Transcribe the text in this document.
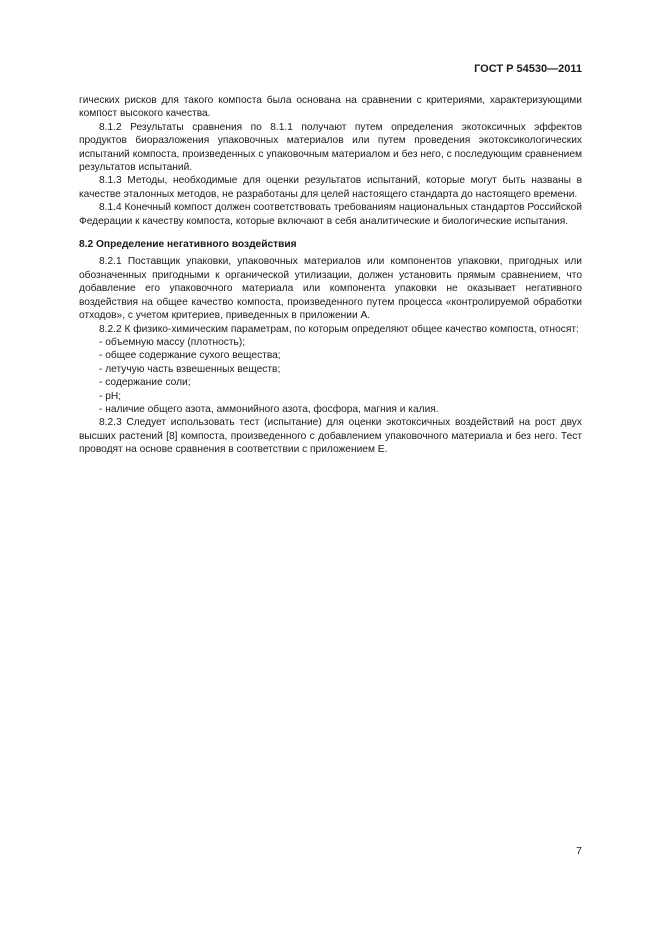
ГОСТ Р 54530—2011

гических рисков для такого компоста была основана на сравнении с критериями, характеризующими компост высокого качества.

8.1.2 Результаты сравнения по 8.1.1 получают путем определения экотоксичных эффектов продуктов биоразложения упаковочных материалов или путем проведения экотоксикологических испытаний компоста, произведенных с упаковочным материалом и без него, с последующим сравнением результатов испытаний.

8.1.3 Методы, необходимые для оценки результатов испытаний, которые могут быть названы в качестве эталонных методов, не разработаны для целей настоящего стандарта до настоящего времени.

8.1.4 Конечный компост должен соответствовать требованиям национальных стандартов Российской Федерации к качеству компоста, которые включают в себя аналитические и биологические испытания.

8.2 Определение негативного воздействия

8.2.1 Поставщик упаковки, упаковочных материалов или компонентов упаковки, пригодных или обозначенных пригодными к органической утилизации, должен установить прямым сравнением, что добавление его упаковочного материала или компонента упаковки не оказывает негативного воздействия на общее качество компоста, произведенного путем процесса «контролируемой обработки отходов», с учетом критериев, приведенных в приложении А.

8.2.2 К физико-химическим параметрам, по которым определяют общее качество компоста, относят:

- объемную массу (плотность);

- общее содержание сухого вещества;

- летучую часть взвешенных веществ;

- содержание соли;

- pH;

- наличие общего азота, аммонийного азота, фосфора, магния и калия.

8.2.3 Следует использовать тест (испытание) для оценки экотоксичных воздействий на рост двух высших растений [8] компоста, произведенного с добавлением упаковочного материала и без него. Тест проводят на основе сравнения в соответствии с приложением Е.

7
